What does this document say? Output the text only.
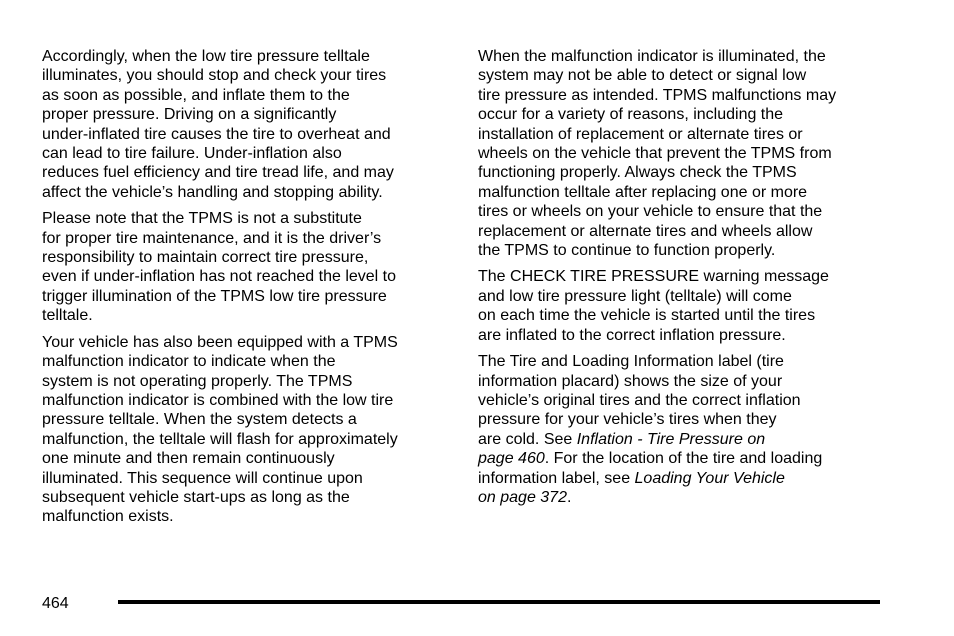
Accordingly, when the low tire pressure telltale
illuminates, you should stop and check your tires
as soon as possible, and inflate them to the
proper pressure. Driving on a significantly
under-inflated tire causes the tire to overheat and
can lead to tire failure. Under-inflation also
reduces fuel efficiency and tire tread life, and may
affect the vehicle’s handling and stopping ability.

Please note that the TPMS is not a substitute
for proper tire maintenance, and it is the driver’s
responsibility to maintain correct tire pressure,
even if under-inflation has not reached the level to
trigger illumination of the TPMS low tire pressure
telltale.

Your vehicle has also been equipped with a TPMS
malfunction indicator to indicate when the
system is not operating properly. The TPMS
malfunction indicator is combined with the low tire
pressure telltale. When the system detects a
malfunction, the telltale will flash for approximately
one minute and then remain continuously
illuminated. This sequence will continue upon
subsequent vehicle start-ups as long as the
malfunction exists.

When the malfunction indicator is illuminated, the
system may not be able to detect or signal low
tire pressure as intended. TPMS malfunctions may
occur for a variety of reasons, including the
installation of replacement or alternate tires or
wheels on the vehicle that prevent the TPMS from
functioning properly. Always check the TPMS
malfunction telltale after replacing one or more
tires or wheels on your vehicle to ensure that the
replacement or alternate tires and wheels allow
the TPMS to continue to function properly.

The CHECK TIRE PRESSURE warning message
and low tire pressure light (telltale) will come
on each time the vehicle is started until the tires
are inflated to the correct inflation pressure.

The Tire and Loading Information label (tire
information placard) shows the size of your
vehicle’s original tires and the correct inflation
pressure for your vehicle’s tires when they
are cold. See Inflation - Tire Pressure on
page 460. For the location of the tire and loading
information label, see Loading Your Vehicle
on page 372.

464
